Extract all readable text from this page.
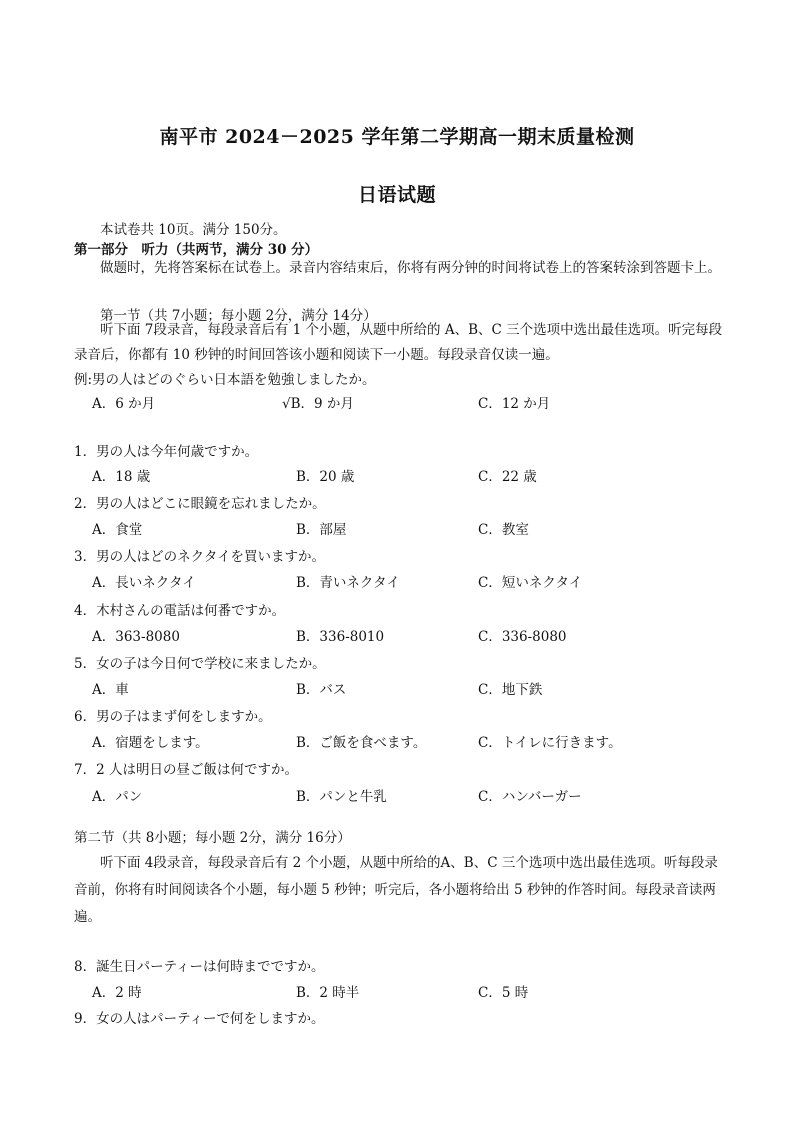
南平市 2024－2025 学年第二学期高一期末质量检测
日语试题
本试卷共 10页。满分 150分。
第一部分　听力（共两节，满分 30 分）
做题时，先将答案标在试卷上。录音内容结束后，你将有两分钟的时间将试卷上的答案转涂到答题卡上。
第一节（共 7小题；每小题 2分，满分 14分）
听下面 7段录音，每段录音后有 1 个小题，从题中所给的 A、B、C 三个选项中选出最佳选项。听完每段录音后，你都有 10 秒钟的时间回答该小题和阅读下一小题。每段录音仅读一遍。
例:男の人はどのぐらい日本語を勉強しましたか。
A．6 か月	√B．9 か月	C．12 か月
1．男の人は今年何歳ですか。
A．18 歳	B．20 歳	C．22 歳
2．男の人はどこに眼鏡を忘れましたか。
A．食堂	B．部屋	C．教室
3．男の人はどのネクタイを買いますか。
A．長いネクタイ	B．青いネクタイ	C．短いネクタイ
4．木村さんの電話は何番ですか。
A．363-8080	B．336-8010	C．336-8080
5．女の子は今日何で学校に来ましたか。
A．車	B．バス	C．地下鉄
6．男の子はまず何をしますか。
A．宿題をします。	B．ご飯を食べます。	C．トイレに行きます。
7．2 人は明日の昼ご飯は何ですか。
A．パン	B．パンと牛乳	C．ハンバーガー
第二节（共 8小题；每小题 2分，满分 16分）
听下面 4段录音，每段录音后有 2 个小题，从题中所给的A、B、C 三个选项中选出最佳选项。听每段录音前，你将有时间阅读各个小题，每小题 5 秒钟；听完后，各小题将给出 5 秒钟的作答时间。每段录音读两遍。
8．誕生日パーティーは何時までですか。
A．2 時	B．2 時半	C．5 時
9．女の人はパーティーで何をしますか。
